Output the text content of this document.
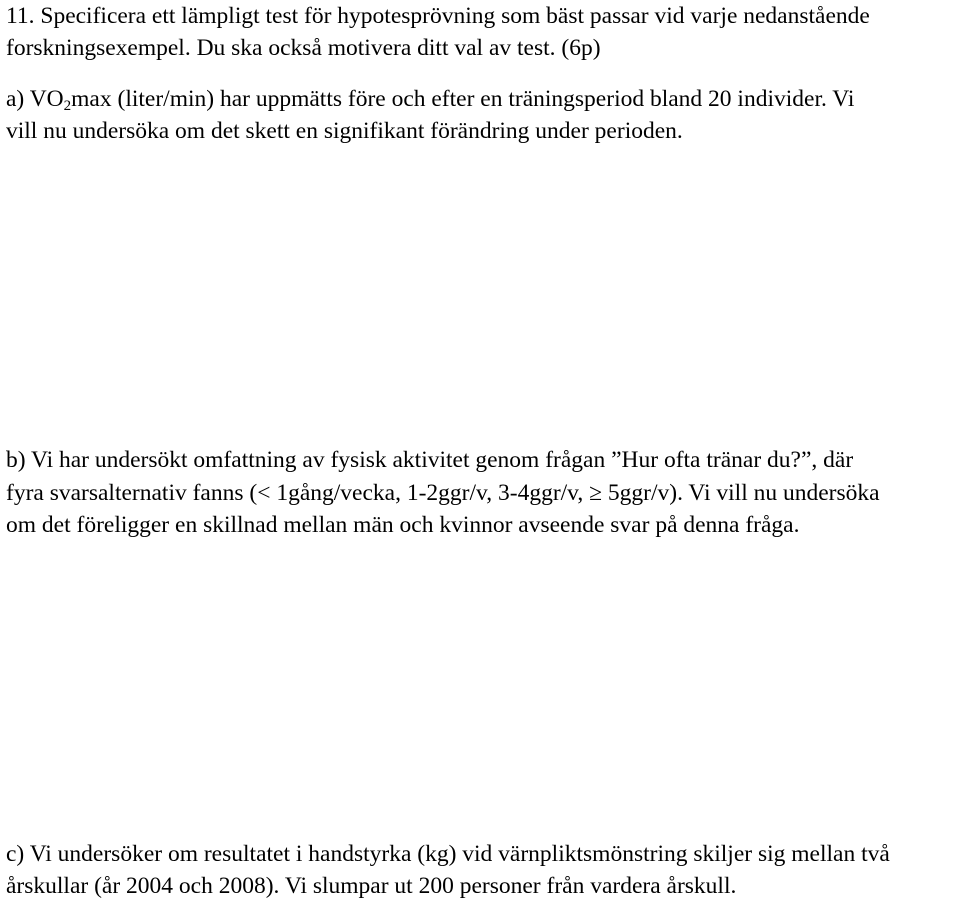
11. Specificera ett lämpligt test för hypotesprövning som bäst passar vid varje nedanstående
forskningsexempel. Du ska också motivera ditt val av test. (6p)
a) $VO_2\max$ (liter/min) har uppmätts före och efter en träningsperiod bland 20 individer. Vi
vill nu undersöka om det skett en signifikant förändring under perioden.
b) Vi har undersökt omfattning av fysisk aktivitet genom frågan ”Hur ofta tränar du?”, där
fyra svarsalternativ fanns (< 1gång/vecka, 1-2ggr/v, 3-4ggr/v, ≥ 5ggr/v). Vi vill nu undersöka
om det föreligger en skillnad mellan män och kvinnor avseende svar på denna fråga.
c) Vi undersöker om resultatet i handstyrka (kg) vid värnpliktsmönstring skiljer sig mellan två
årskullar (år 2004 och 2008). Vi slumpar ut 200 personer från vardera årskull.
